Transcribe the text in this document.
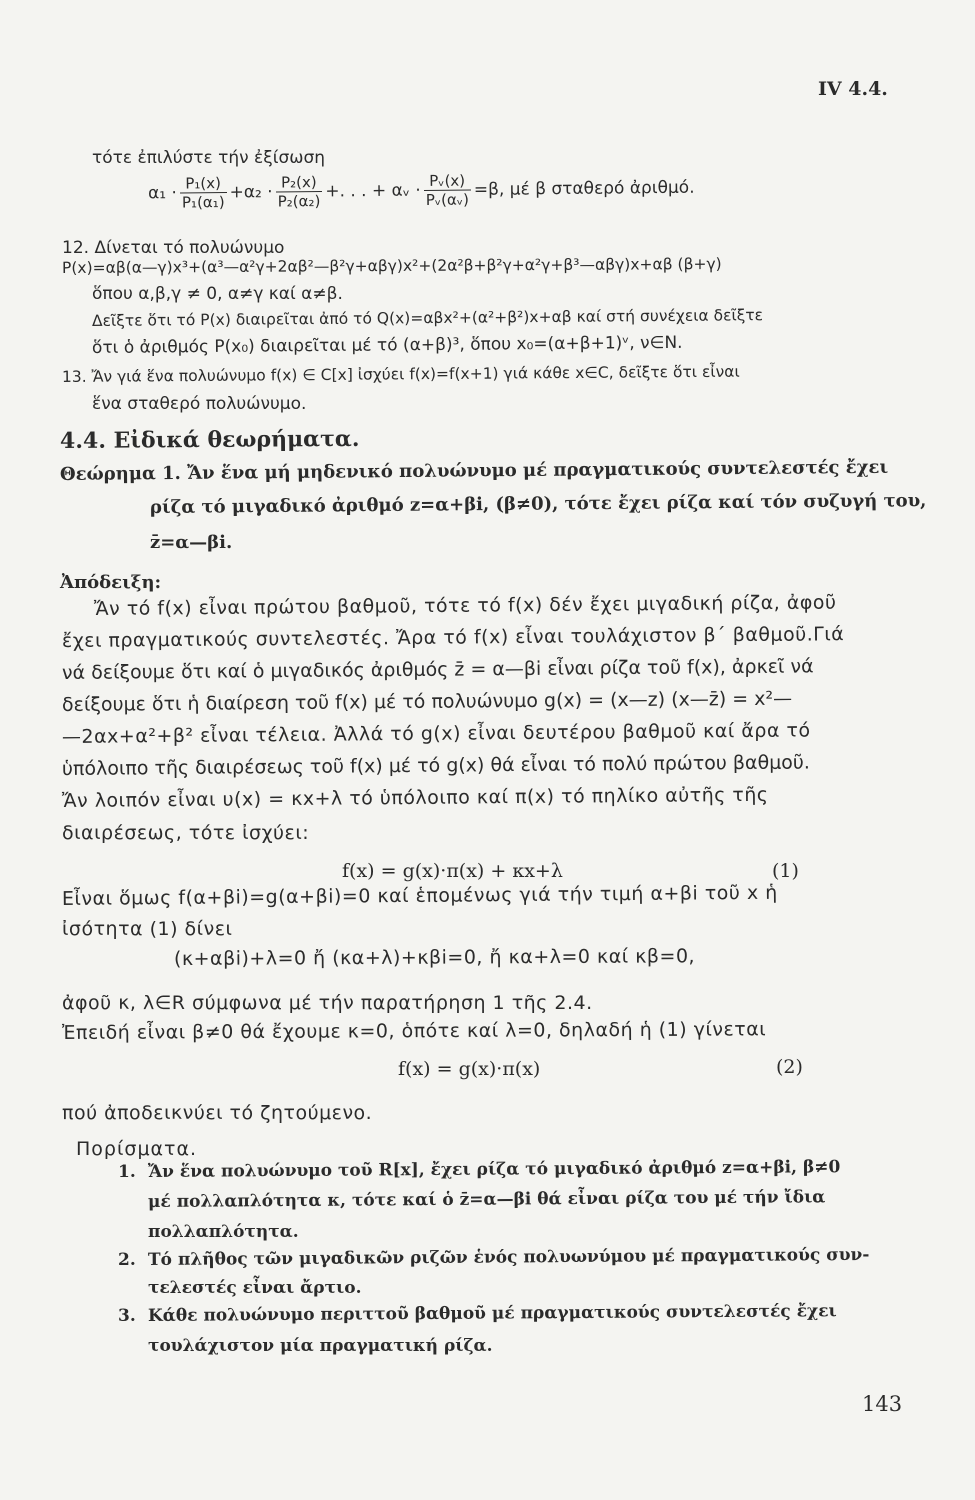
IV 4.4.
τότε ἐπιλύστε τήν ἐξίσωση
$\alpha_1 \cdot \frac{\text{P₁(x)}}{\text{P₁(α₁)}} +\alpha_2 \cdot \frac{\text{P₂(x)}}{\text{P₂(α₂)}}$ +. . . + αᵥ · $\frac{\text{Pᵥ(x)}}{\text{Pᵥ(αᵥ)}} =\beta$, μέ β σταθερό ἀριθμό.
12. Δίνεται τό πολυώνυμο
P(x)=αβ(α—γ)x³+(α³—α²γ+2αβ²—β²γ+αβγ)x²+(2α²β+β²γ+α²γ+β³—αβγ)x+αβ (β+γ)
ὅπου α,β,γ ≠ 0, α≠γ καί α≠β.
Δεῖξτε ὅτι τό P(x) διαιρεῖται ἀπό τό Q(x)=αβx²+(α²+β²)x+αβ καί στή συνέχεια δεῖξτε
ὅτι ὁ ἀριθμός P(x₀) διαιρεῖται μέ τό (α+β)³, ὅπου x₀=(α+β+1)ᵛ, ν∈N.
13. Ἄν γιά ἕνα πολυώνυμο f(x) ∈ C[x] ἰσχύει f(x)=f(x+1) γιά κάθε x∈C, δεῖξτε ὅτι εἶναι
ἕνα σταθερό πολυώνυμο.
4.4. Εἰδικά θεωρήματα.
Θεώρημα 1. Ἄν ἕνα μή μηδενικό πολυώνυμο μέ πραγματικούς συντελεστές ἔχει
ρίζα τό μιγαδικό ἀριθμό z=α+βi, (β≠0), τότε ἔχει ρίζα καί τόν συζυγή του,
z̄=α—βi.
Ἀπόδειξη:
Ἄν τό f(x) εἶναι πρώτου βαθμοῦ, τότε τό f(x) δέν ἔχει μιγαδική ρίζα, ἀφοῦ
ἔχει πραγματικούς συντελεστές. Ἄρα τό f(x) εἶναι τουλάχιστον β΄ βαθμοῦ.Γιά
νά δείξουμε ὅτι καί ὁ μιγαδικός ἀριθμός z̄ = α—βi εἶναι ρίζα τοῦ f(x), ἀρκεῖ νά
δείξουμε ὅτι ἡ διαίρεση τοῦ f(x) μέ τό πολυώνυμο g(x) = (x—z) (x—z̄) = x²—
—2αx+α²+β² εἶναι τέλεια. Ἀλλά τό g(x) εἶναι δευτέρου βαθμοῦ καί ἄρα τό
ὑπόλοιπο τῆς διαιρέσεως τοῦ f(x) μέ τό g(x) θά εἶναι τό πολύ πρώτου βαθμοῦ.
Ἄν λοιπόν εἶναι υ(x) = κx+λ τό ὑπόλοιπο καί π(x) τό πηλίκο αὐτῆς τῆς
διαιρέσεως, τότε ἰσχύει:
f(x) = g(x)·π(x) + κx+λ	(1)
Εἶναι ὅμως f(α+βi)=g(α+βi)=0 καί ἑπομένως γιά τήν τιμή α+βi τοῦ x ἡ
ἰσότητα (1) δίνει
(κ+αβi)+λ=0 ἤ (κα+λ)+κβi=0, ἤ κα+λ=0 καί κβ=0,
ἀφοῦ κ, λ∈R σύμφωνα μέ τήν παρατήρηση 1 τῆς 2.4.
Ἐπειδή εἶναι β≠0 θά ἔχουμε κ=0, ὁπότε καί λ=0, δηλαδή ἡ (1) γίνεται
f(x) = g(x)·π(x)	(2)
πού ἀποδεικνύει τό ζητούμενο.
Πορίσματα.
1. Ἄν ἕνα πολυώνυμο τοῦ R[x], ἔχει ρίζα τό μιγαδικό ἀριθμό z=α+βi, β≠0
μέ πολλαπλότητα κ, τότε καί ὁ z̄=α—βi θά εἶναι ρίζα του μέ τήν ἴδια
πολλαπλότητα.
2. Τό πλῆθος τῶν μιγαδικῶν ριζῶν ἑνός πολυωνύμου μέ πραγματικούς συν-
τελεστές εἶναι ἄρτιο.
3. Κάθε πολυώνυμο περιττοῦ βαθμοῦ μέ πραγματικούς συντελεστές ἔχει
τουλάχιστον μία πραγματική ρίζα.
143
